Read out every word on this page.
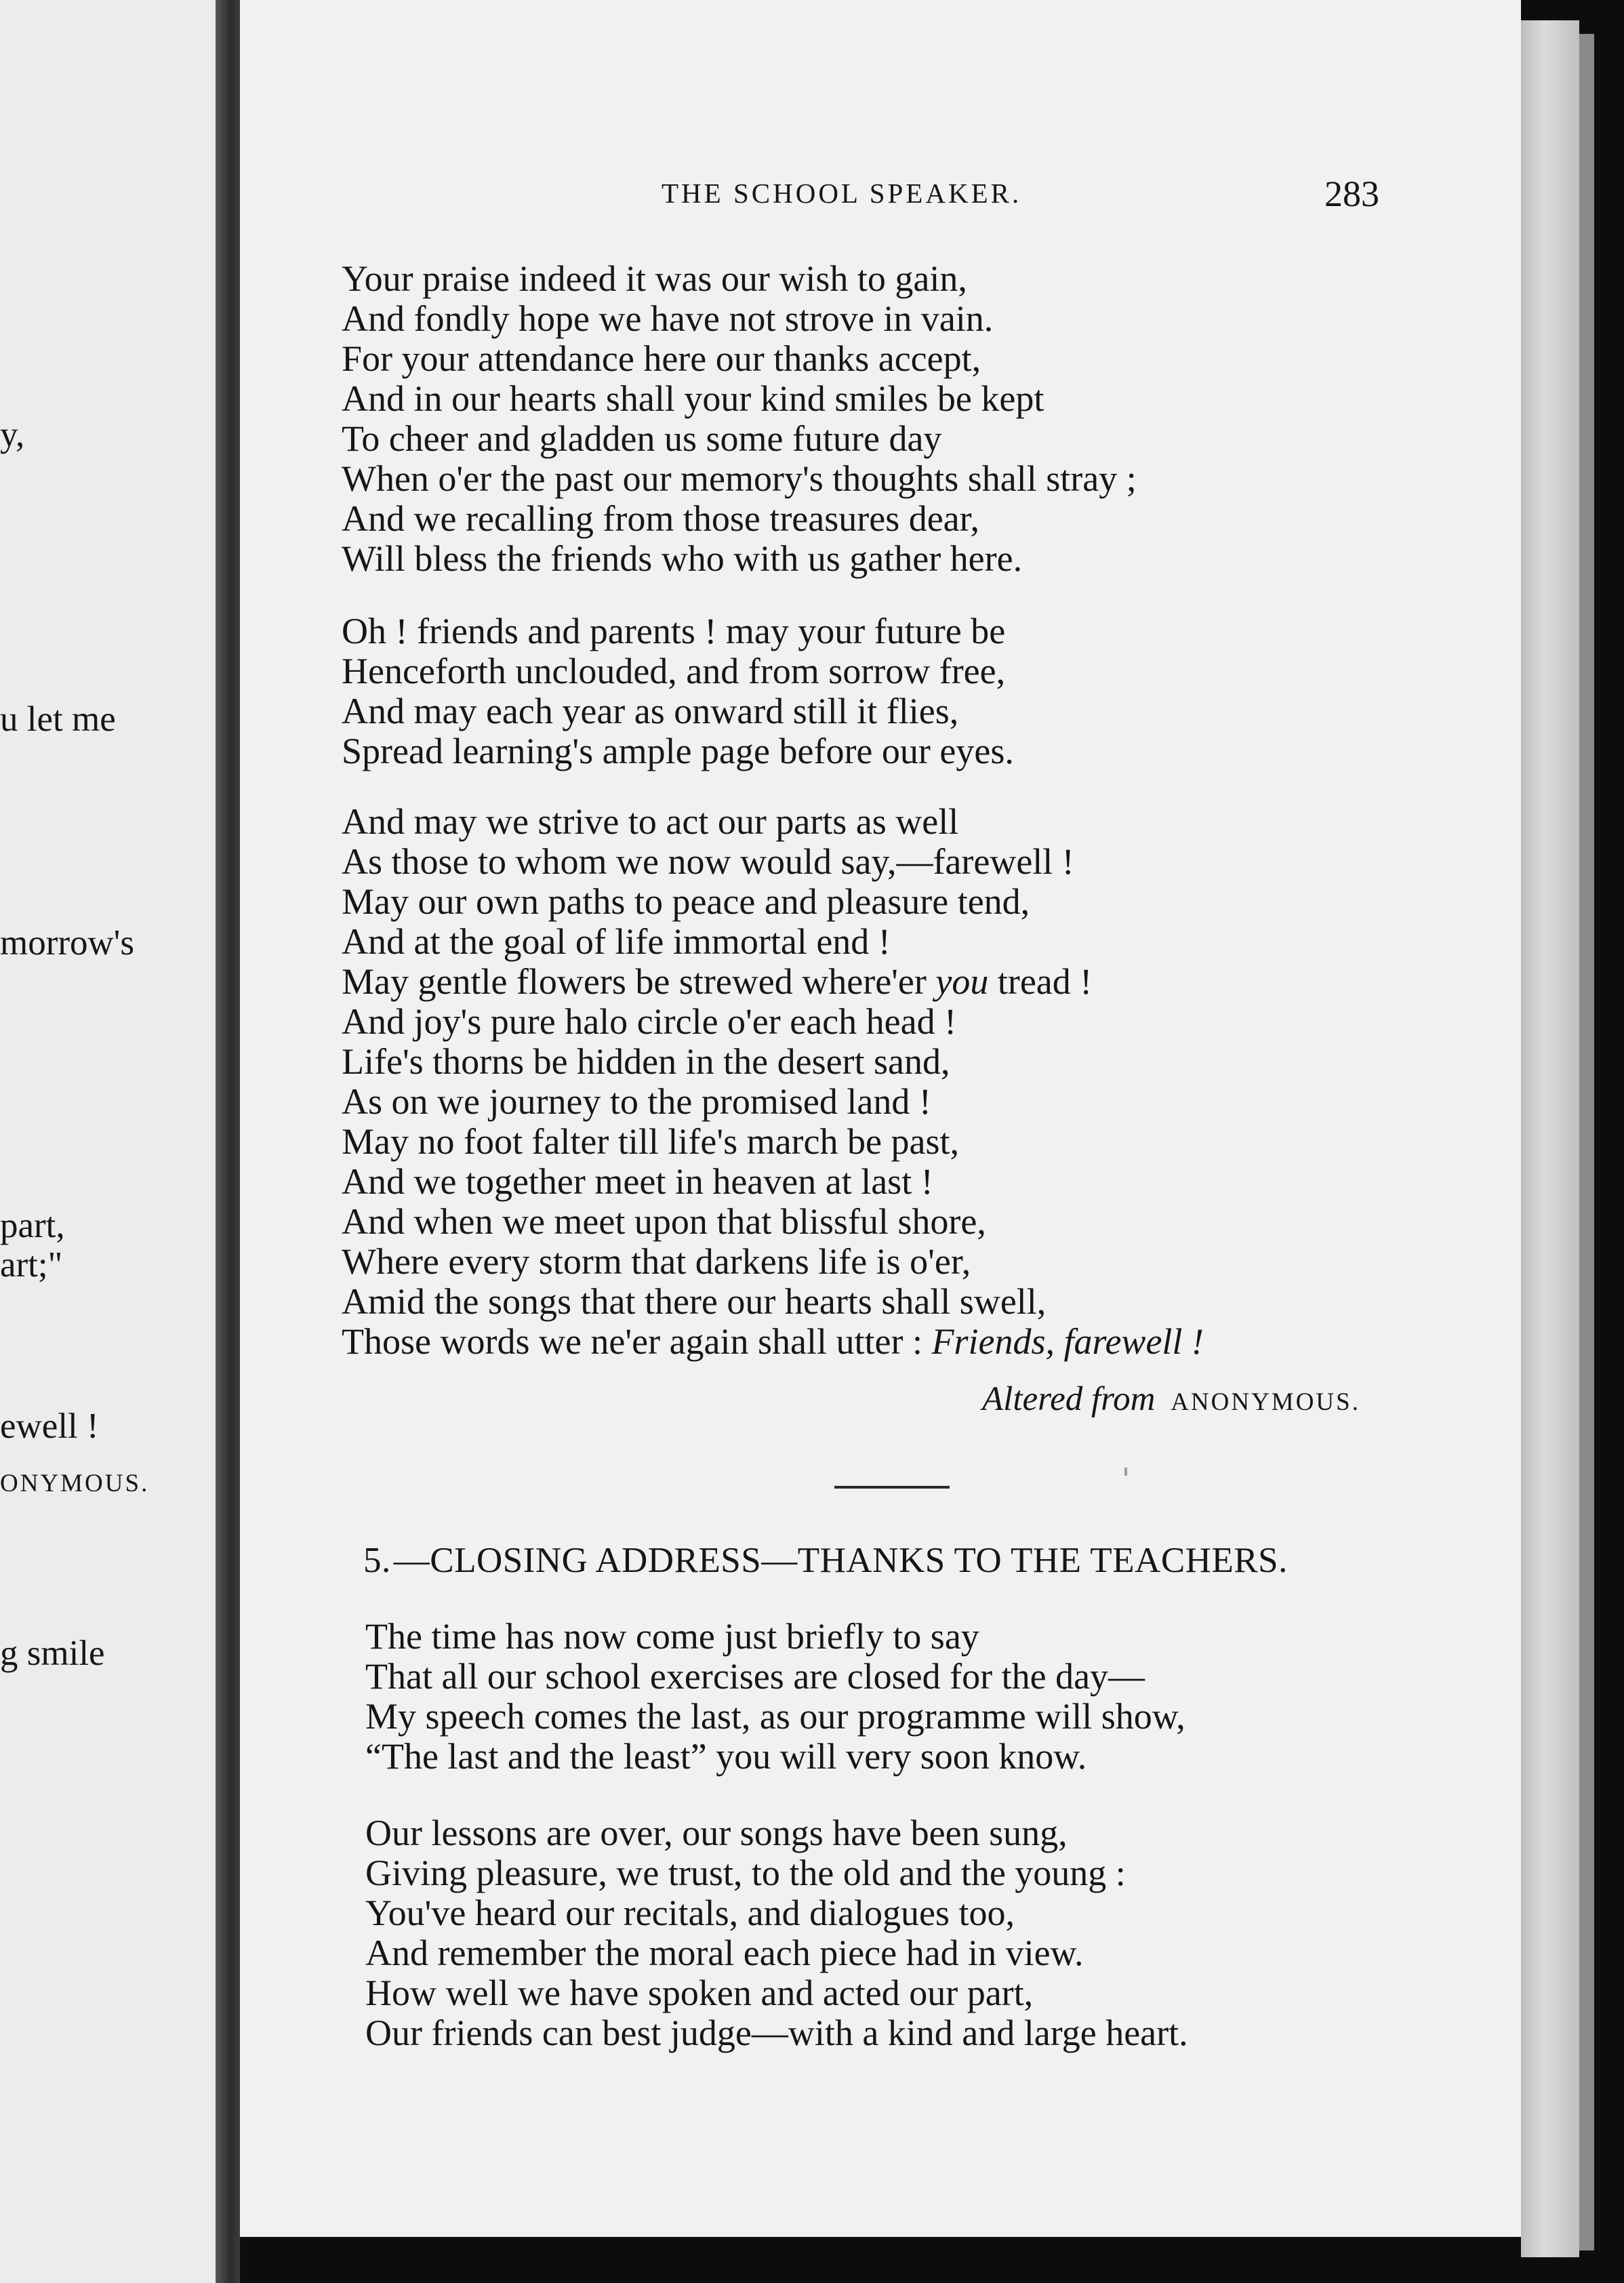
y,
u let me
morrow's
part,
art;"
ewell !
ONYMOUS.
g smile
THE SCHOOL SPEAKER.	283
Your praise indeed it was our wish to gain,
And fondly hope we have not strove in vain.
For your attendance here our thanks accept,
And in our hearts shall your kind smiles be kept
To cheer and gladden us some future day
When o'er the past our memory's thoughts shall stray ;
And we recalling from those treasures dear,
Will bless the friends who with us gather here.
Oh ! friends and parents ! may your future be
Henceforth unclouded, and from sorrow free,
And may each year as onward still it flies,
Spread learning's ample page before our eyes.
And may we strive to act our parts as well
As those to whom we now would say,—farewell !
May our own paths to peace and pleasure tend,
And at the goal of life immortal end !
May gentle flowers be strewed where'er you tread !
And joy's pure halo circle o'er each head !
Life's thorns be hidden in the desert sand,
As on we journey to the promised land !
May no foot falter till life's march be past,
And we together meet in heaven at last !
And when we meet upon that blissful shore,
Where every storm that darkens life is o'er,
Amid the songs that there our hearts shall swell,
Those words we ne'er again shall utter : Friends, farewell !
Altered from ANONYMOUS.
5.—CLOSING ADDRESS—THANKS TO THE TEACHERS.
The time has now come just briefly to say
That all our school exercises are closed for the day—
My speech comes the last, as our programme will show,
“The last and the least” you will very soon know.
Our lessons are over, our songs have been sung,
Giving pleasure, we trust, to the old and the young :
You've heard our recitals, and dialogues too,
And remember the moral each piece had in view.
How well we have spoken and acted our part,
Our friends can best judge—with a kind and large heart.
